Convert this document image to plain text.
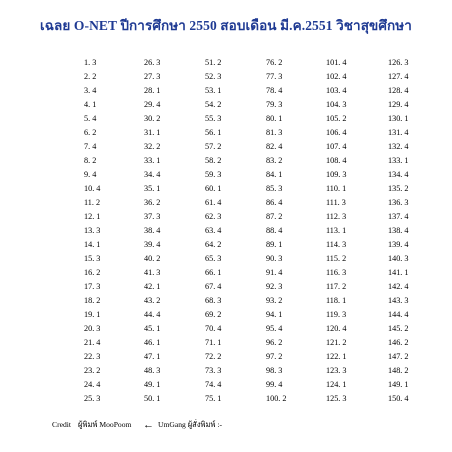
เฉลย O-NET ปีการศึกษา 2550 สอบเดือน มี.ค.2551 วิชาสุขศึกษา
1. 3	26. 3	51. 2	76. 2	101. 4	126. 3
2. 2	27. 3	52. 3	77. 3	102. 4	127. 4
3. 4	28. 1	53. 1	78. 4	103. 4	128. 4
4. 1	29. 4	54. 2	79. 3	104. 3	129. 4
5. 4	30. 2	55. 3	80. 1	105. 2	130. 1
6. 2	31. 1	56. 1	81. 3	106. 4	131. 4
7. 4	32. 2	57. 2	82. 4	107. 4	132. 4
8. 2	33. 1	58. 2	83. 2	108. 4	133. 1
9. 4	34. 4	59. 3	84. 1	109. 3	134. 4
10. 4	35. 1	60. 1	85. 3	110. 1	135. 2
11. 2	36. 2	61. 4	86. 4	111. 3	136. 3
12. 1	37. 3	62. 3	87. 2	112. 3	137. 4
13. 3	38. 4	63. 4	88. 4	113. 1	138. 4
14. 1	39. 4	64. 2	89. 1	114. 3	139. 4
15. 3	40. 2	65. 3	90. 3	115. 2	140. 3
16. 2	41. 3	66. 1	91. 4	116. 3	141. 1
17. 3	42. 1	67. 4	92. 3	117. 2	142. 4
18. 2	43. 2	68. 3	93. 2	118. 1	143. 3
19. 1	44. 4	69. 2	94. 1	119. 3	144. 4
20. 3	45. 1	70. 4	95. 4	120. 4	145. 2
21. 4	46. 1	71. 1	96. 2	121. 2	146. 2
22. 3	47. 1	72. 2	97. 2	122. 1	147. 2
23. 2	48. 3	73. 3	98. 3	123. 3	148. 2
24. 4	49. 1	74. 4	99. 4	124. 1	149. 1
25. 3	50. 1	75. 1	100. 2	125. 3	150. 4
Credit ผู้พิมพ์ MooPoom ← UmGang ผู้สั่งพิมพ์ :-
